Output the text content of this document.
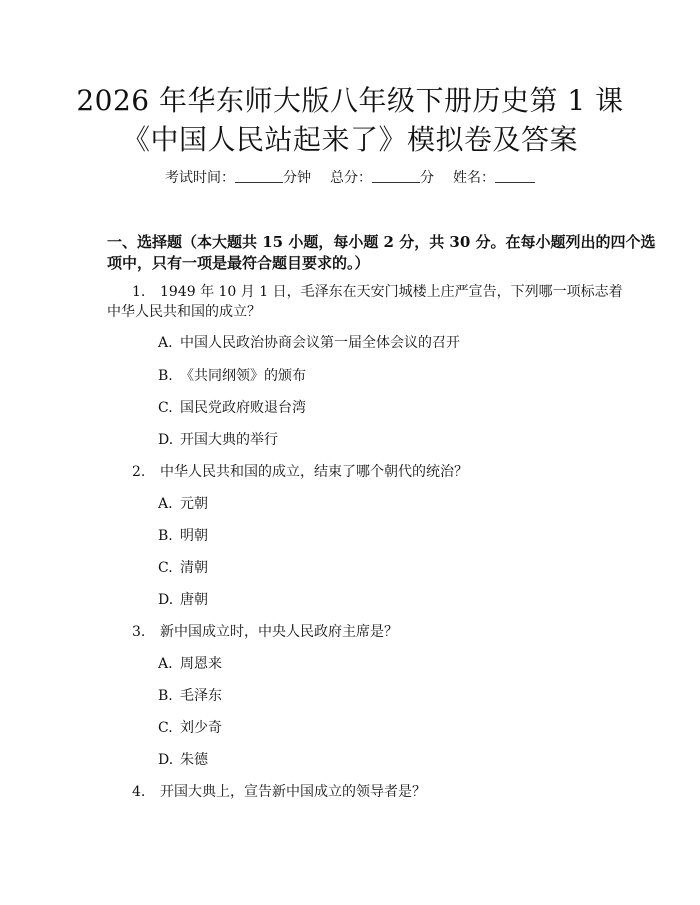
2026 年华东师大版八年级下册历史第 1 课
《中国人民站起来了》模拟卷及答案
考试时间：	分钟 总分：	分 姓名：
一、选择题（本大题共 15 小题，每小题 2 分，共 30 分。在每小题列出的四个选
项中，只有一项是最符合题目要求的。）
1. 1949 年 10 月 1 日，毛泽东在天安门城楼上庄严宣告，下列哪一项标志着
中华人民共和国的成立？
A. 中国人民政治协商会议第一届全体会议的召开
B. 《共同纲领》的颁布
C. 国民党政府败退台湾
D. 开国大典的举行
2. 中华人民共和国的成立，结束了哪个朝代的统治？
A. 元朝
B. 明朝
C. 清朝
D. 唐朝
3. 新中国成立时，中央人民政府主席是？
A. 周恩来
B. 毛泽东
C. 刘少奇
D. 朱德
4. 开国大典上，宣告新中国成立的领导者是？
